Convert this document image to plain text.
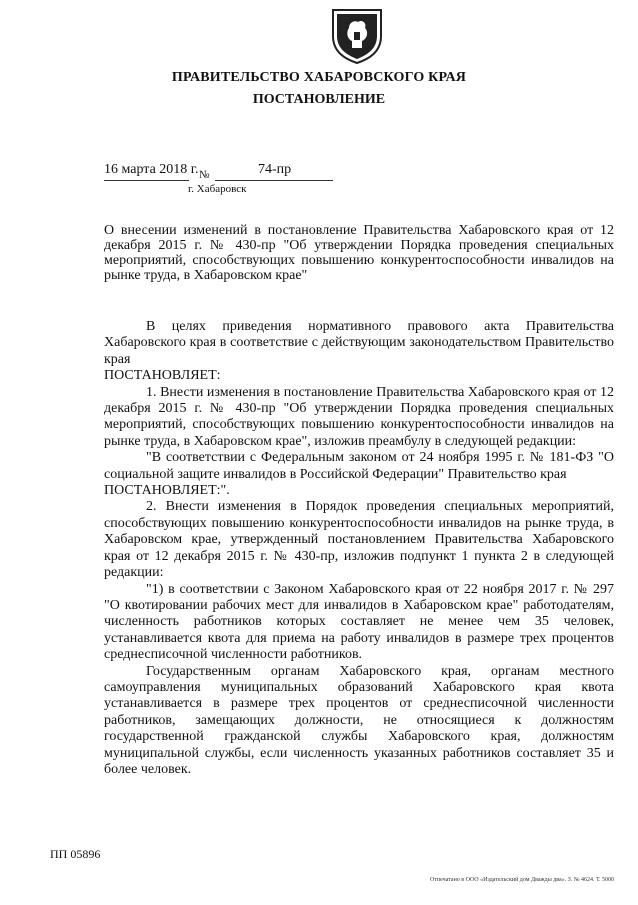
ПРАВИТЕЛЬСТВО ХАБАРОВСКОГО КРАЯ
ПОСТАНОВЛЕНИЕ
16 марта 2018 г. №	74-пр
г. Хабаровск
О внесении изменений в постановление Правительства Хабаровского края от 12 декабря 2015 г. № 430-пр "Об утверждении Порядка проведения специальных мероприятий, способствующих повышению конкурентоспособности инвалидов на рынке труда, в Хабаровском крае"

В целях приведения нормативного правового акта Правительства Хабаровского края в соответствие с действующим законодательством Правительство края

ПОСТАНОВЛЯЕТ:

1. Внести изменения в постановление Правительства Хабаровского края от 12 декабря 2015 г. № 430-пр "Об утверждении Порядка проведения специальных мероприятий, способствующих повышению конкурентоспособности инвалидов на рынке труда, в Хабаровском крае", изложив преамбулу в следующей редакции:

"В соответствии с Федеральным законом от 24 ноября 1995 г. № 181-ФЗ "О социальной защите инвалидов в Российской Федерации" Правительство края

ПОСТАНОВЛЯЕТ:".

2. Внести изменения в Порядок проведения специальных мероприятий, способствующих повышению конкурентоспособности инвалидов на рынке труда, в Хабаровском крае, утвержденный постановлением Правительства Хабаровского края от 12 декабря 2015 г. № 430-пр, изложив подпункт 1 пункта 2 в следующей редакции:

"1) в соответствии с Законом Хабаровского края от 22 ноября 2017 г. № 297 "О квотировании рабочих мест для инвалидов в Хабаровском крае" работодателям, численность работников которых составляет не менее чем 35 человек, устанавливается квота для приема на работу инвалидов в размере трех процентов среднесписочной численности работников.

Государственным органам Хабаровского края, органам местного самоуправления муниципальных образований Хабаровского края квота устанавливается в размере трех процентов от среднесписочной численности работников, замещающих должности, не относящиеся к должностям государственной гражданской службы Хабаровского края, должностям муниципальной службы, если численность указанных работников составляет 35 и более человек.

ПП 05896
Отпечатано в ООО «Издательский дом Дважды два». З. № 4624. Т. 5000
